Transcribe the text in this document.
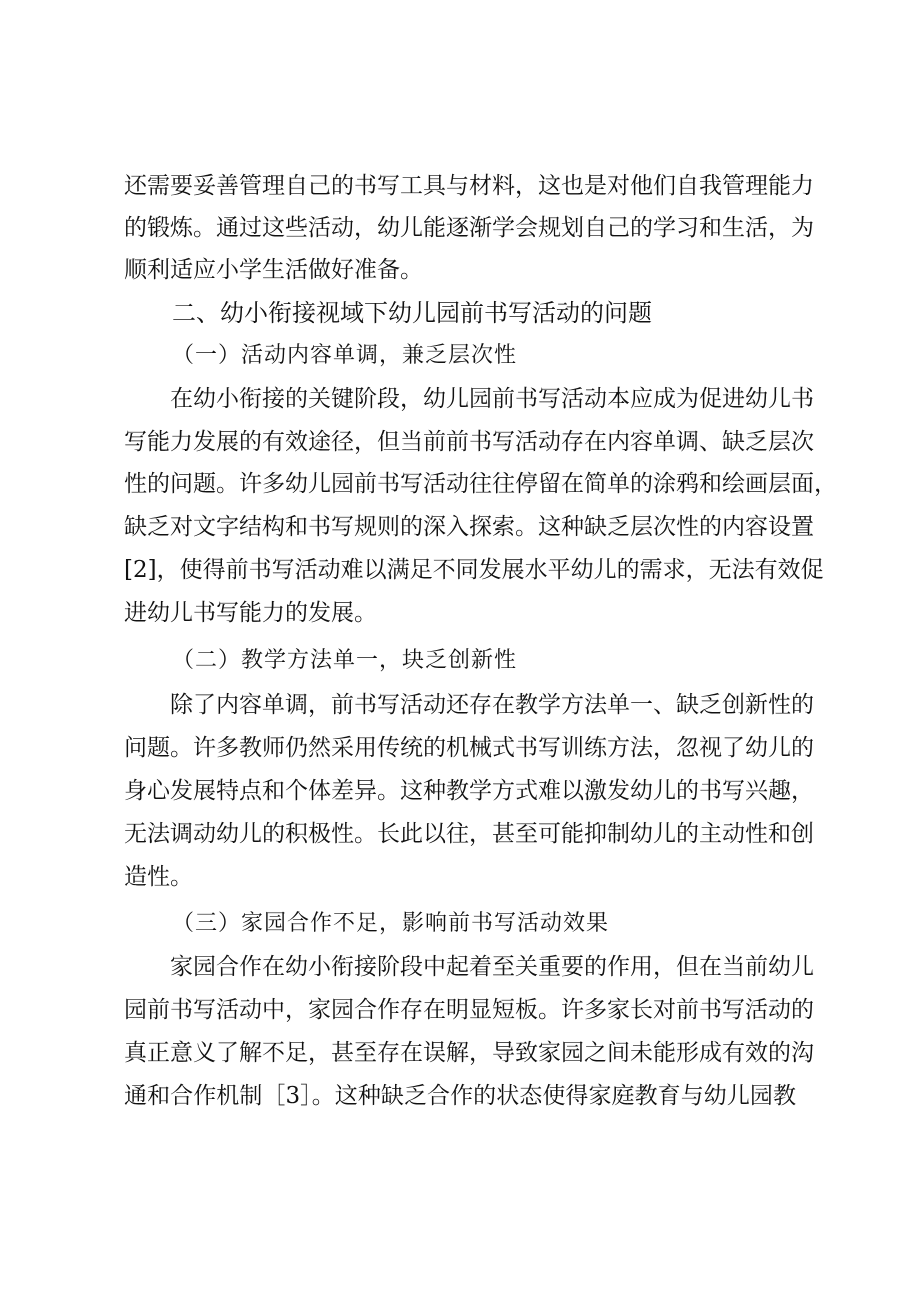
还需要妥善管理自己的书写工具与材料，这也是对他们自我管理能力
的锻炼。通过这些活动，幼儿能逐渐学会规划自己的学习和生活，为
顺利适应小学生活做好准备。
二、幼小衔接视域下幼儿园前书写活动的问题
（一）活动内容单调，兼乏层次性
在幼小衔接的关键阶段，幼儿园前书写活动本应成为促进幼儿书
写能力发展的有效途径，但当前前书写活动存在内容单调、缺乏层次
性的问题。许多幼儿园前书写活动往往停留在简单的涂鸦和绘画层面，
缺乏对文字结构和书写规则的深入探索。这种缺乏层次性的内容设置
[2]，使得前书写活动难以满足不同发展水平幼儿的需求，无法有效促
进幼儿书写能力的发展。
（二）教学方法单一，块乏创新性
除了内容单调，前书写活动还存在教学方法单一、缺乏创新性的
问题。许多教师仍然采用传统的机械式书写训练方法，忽视了幼儿的
身心发展特点和个体差异。这种教学方式难以激发幼儿的书写兴趣，
无法调动幼儿的积极性。长此以往，甚至可能抑制幼儿的主动性和创
造性。
（三）家园合作不足，影响前书写活动效果
家园合作在幼小衔接阶段中起着至关重要的作用，但在当前幼儿
园前书写活动中，家园合作存在明显短板。许多家长对前书写活动的
真正意义了解不足，甚至存在误解，导致家园之间未能形成有效的沟
通和合作机制［3］。这种缺乏合作的状态使得家庭教育与幼儿园教
